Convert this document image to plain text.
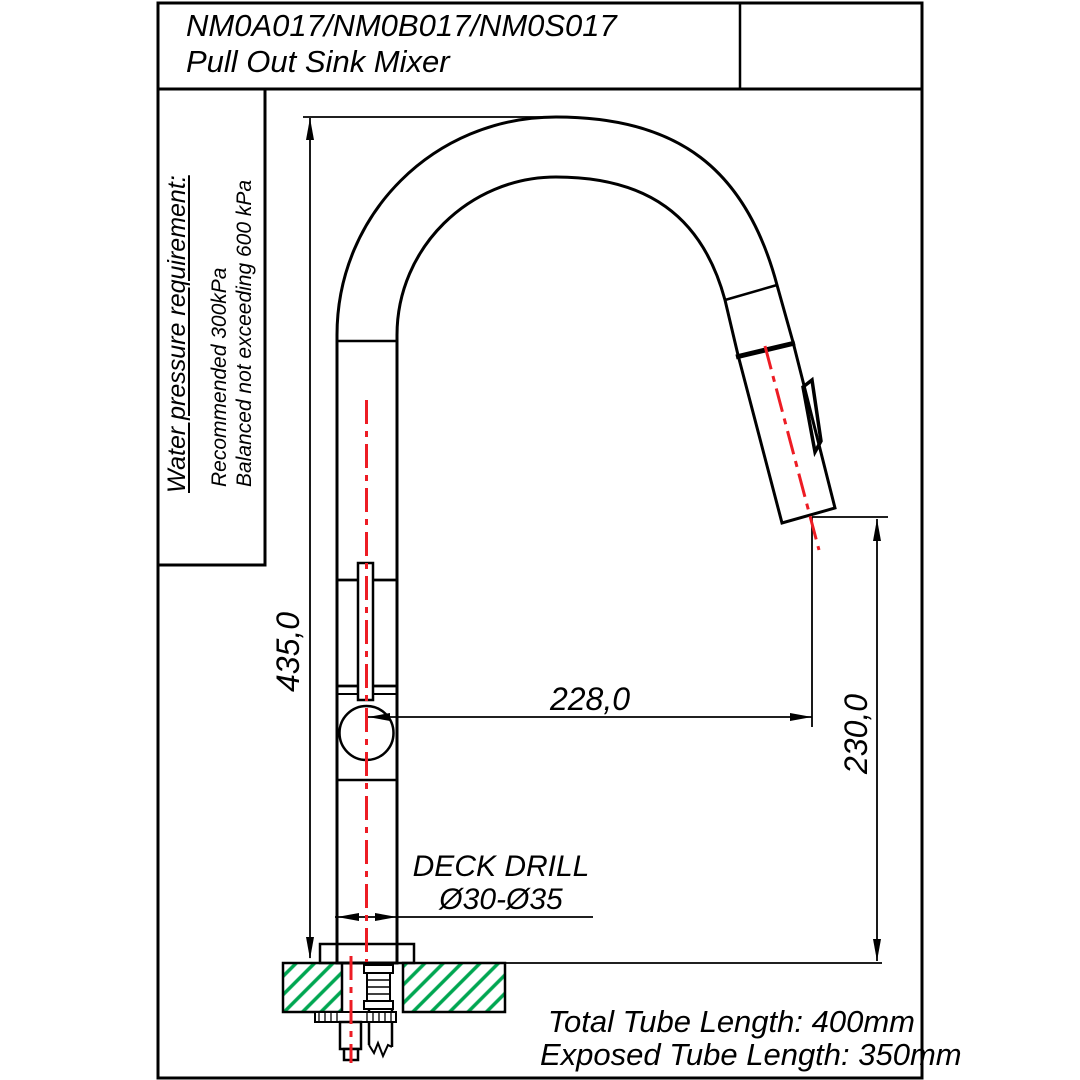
NM0A017/NM0B017/NM0S017
Pull Out Sink Mixer
Water pressure requirement: Recommended 300kPa Balanced not exceeding 600 kPa
435,0
228,0	230,0
DECK DRILL
Ø30-Ø35
Total Tube Length: 400mm
Exposed Tube Length: 350mm
